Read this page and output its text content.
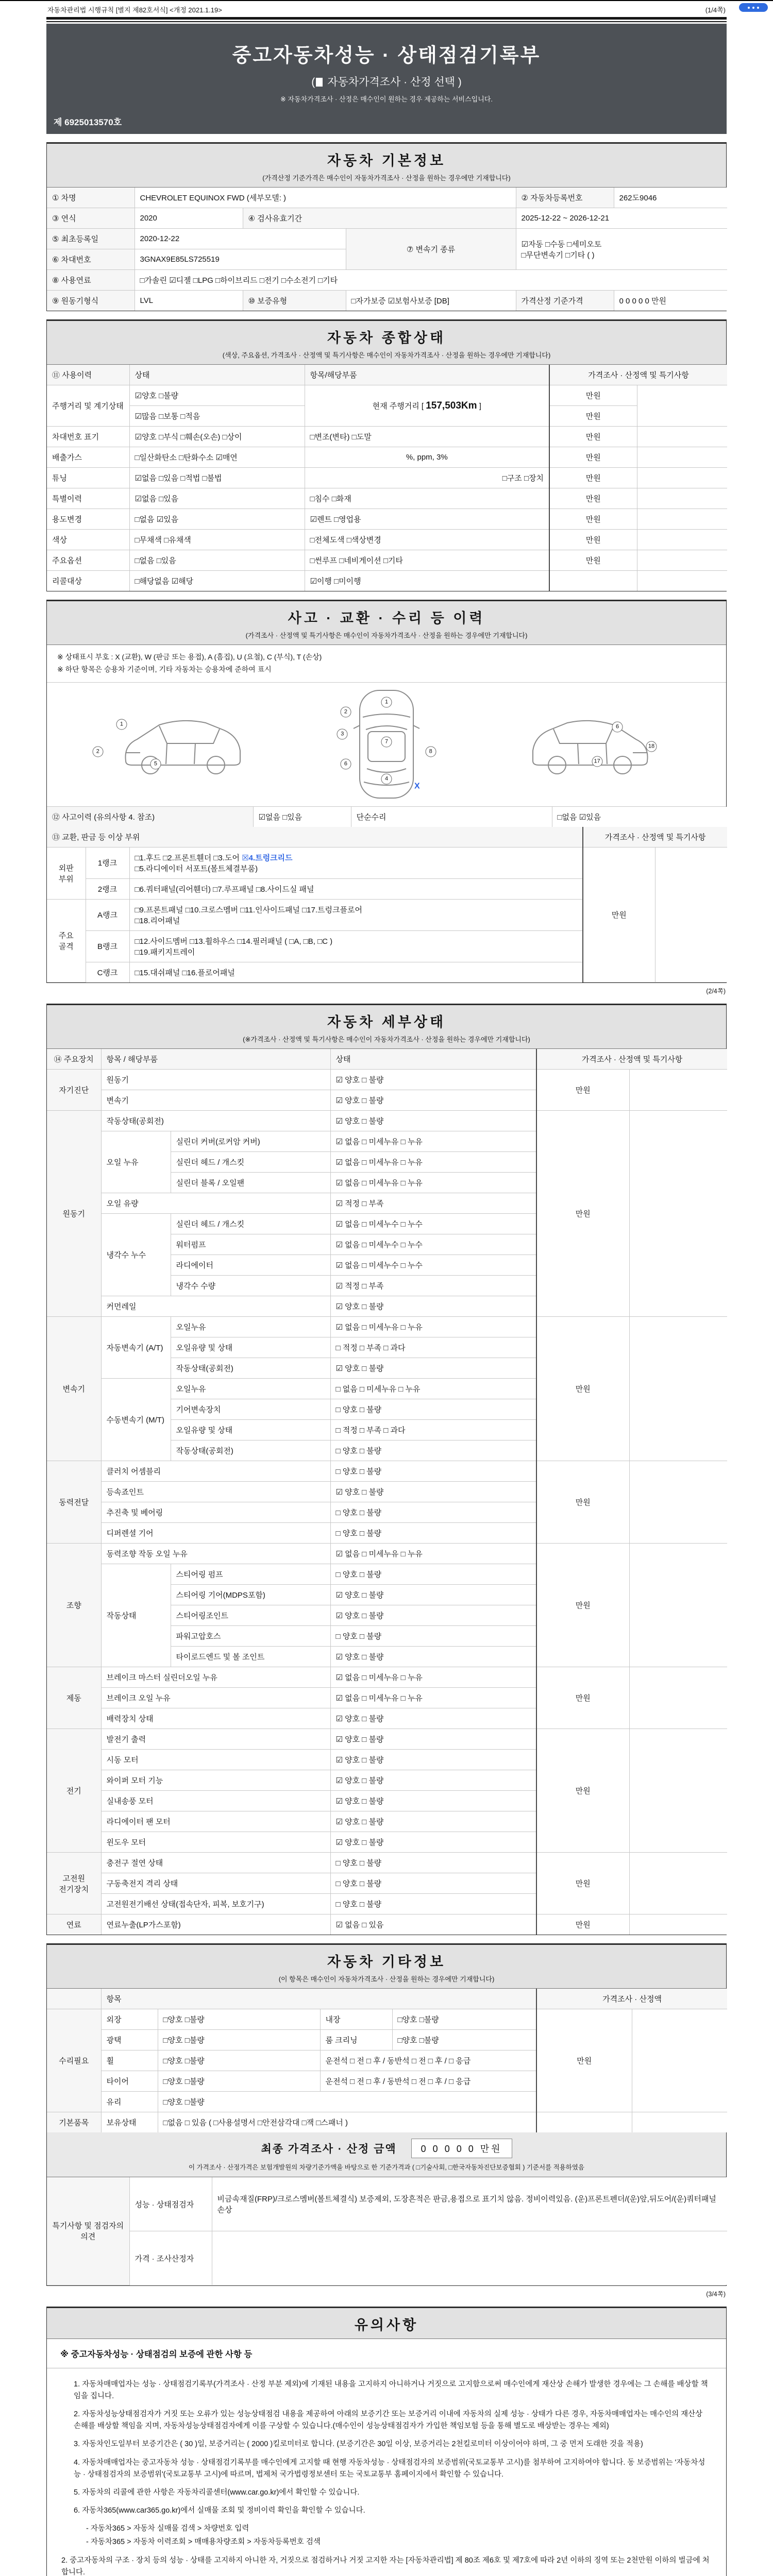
자동차관리법 시행규칙 [별지 제82호서식] <개정 2021.1.19>	(1/4쪽)
중고자동차성능 · 상태점검기록부
( 자동차가격조사 · 산정 선택 )
※ 자동차가격조사 · 산정은 매수인이 원하는 경우 제공하는 서비스입니다.
제 6925013570호
자동차 기본정보
(가격산정 기준가격은 매수인이 자동차가격조사 · 산정을 원하는 경우에만 기재합니다)
① 차명	CHEVROLET EQUINOX FWD (세부모델: )			② 자동차등록번호	262도9046
③ 연식	2020	④ 검사유효기간		2025-12-22 ~ 2026-12-21	
⑤ 최초등록일	2020-12-22		⑦ 변속기 종류	☑자동 □수동 □세미오토
□무단변속기 □기타 ( )	
⑥ 차대번호	3GNAX9E85LS725519				
⑧ 사용연료	□가솔린 ☑디젤 □LPG □하이브리드 □전기 □수소전기 □기타				
⑨ 원동기형식	LVL	⑩ 보증유형	□자가보증 ☑보험사보증 [DB]	가격산정 기준가격	0 0 0 0 0 만원
자동차 종합상태
(색상, 주요옵션, 가격조사 · 산정액 및 특기사항은 매수인이 자동차가격조사 · 산정을 원하는 경우에만 기재합니다)
⑪ 사용이력	상태	항목/해당부품	가격조사 · 산정액 및 특기사항	
주행거리 및 계기상태	☑양호 □불량	현재 주행거리 [ 157,503Km ]	만원	
	☑많음 □보통 □적음		만원	
차대번호 표기	☑양호 □부식 □훼손(오손) □상이	□변조(변타) □도말	만원	
배출가스	□일산화탄소 □탄화수소 ☑매연	%, ppm, 3%	만원	
튜닝	☑없음 □있음 □적법 □불법	□구조 □장치	만원	
특별이력	☑없음 □있음	□침수 □화재	만원	
용도변경	□없음 ☑있음	☑렌트 □영업용	만원	
색상	□무채색 □유채색	□전체도색 □색상변경	만원	
주요옵션	□없음 □있음	□썬루프 □네비게이션 □기타	만원	
리콜대상	□해당없음 ☑해당	☑이행 □미이행		
사고 · 교환 · 수리 등 이력
(가격조사 · 산정액 및 특기사항은 매수인이 자동차가격조사 · 산정을 원하는 경우에만 기재합니다)
※ 상태표시 부호 : X (교환), W (판금 또는 용접), A (흠집), U (요철), C (부식), T (손상)
※ 하단 항목은 승용차 기준이며, 기타 자동차는 승용차에 준하여 표시
1
2
5
1
2
3
7
8
6
4
X
6
18
17
⑫ 사고이력 (유의사항 4. 참조)	☑없음 □있음	단순수리	□없음 ☑있음
⑬ 교환, 판금 등 이상 부위			가격조사 · 산정액 및 특기사항	
외판 부위	1랭크	□1.후드 □2.프론트휀더 □3.도어 ☒4.트렁크리드
□5.라디에이터 서포트(볼트체결부품)	만원	
	2랭크	□6.쿼터패널(리어휀더) □7.루프패널 □8.사이드실 패널		
주요 골격	A랭크	□9.프론트패널 □10.크로스멤버 □11.인사이드패널 □17.트렁크플로어
□18.리어패널		
	B랭크	□12.사이드멤버 □13.휠하우스 □14.필러패널 ( □A, □B, □C )
□19.패키지트레이		
	C랭크	□15.대쉬패널 □16.플로어패널		
(2/4쪽)
자동차 세부상태
(※가격조사 · 산정액 및 특기사항은 매수인이 자동차가격조사 · 산정을 원하는 경우에만 기재합니다)
⑭ 주요장치	항목 / 해당부품		상태	가격조사 · 산정액 및 특기사항	
자기진단	원동기		☑ 양호 □ 불량	만원	
	변속기		☑ 양호 □ 불량		
원동기	작동상태(공회전)		☑ 양호 □ 불량	만원	
	오일 누유	실린더 커버(로커암 커버)	☑ 없음 □ 미세누유 □ 누유		
		실린더 헤드 / 개스킷	☑ 없음 □ 미세누유 □ 누유		
		실린더 블록 / 오일팬	☑ 없음 □ 미세누유 □ 누유		
	오일 유량		☑ 적정 □ 부족		
	냉각수 누수	실린더 헤드 / 개스킷	☑ 없음 □ 미세누수 □ 누수		
		워터펌프	☑ 없음 □ 미세누수 □ 누수		
		라디에이터	☑ 없음 □ 미세누수 □ 누수		
		냉각수 수량	☑ 적정 □ 부족		
	커먼레일		☑ 양호 □ 불량		
변속기	자동변속기 (A/T)	오일누유	☑ 없음 □ 미세누유 □ 누유	만원	
		오일유량 및 상태	□ 적정 □ 부족 □ 과다		
		작동상태(공회전)	☑ 양호 □ 불량		
	수동변속기 (M/T)	오일누유	□ 없음 □ 미세누유 □ 누유		
		기어변속장치	□ 양호 □ 불량		
		오일유량 및 상태	□ 적정 □ 부족 □ 과다		
		작동상태(공회전)	□ 양호 □ 불량		
동력전달	클러치 어셈블리		□ 양호 □ 불량	만원	
	등속죠인트		☑ 양호 □ 불량		
	추진축 및 베어링		□ 양호 □ 불량		
	디퍼렌셜 기어		□ 양호 □ 불량		
조향	동력조향 작동 오일 누유		☑ 없음 □ 미세누유 □ 누유	만원	
	작동상태	스티어링 펌프	□ 양호 □ 불량		
		스티어링 기어(MDPS포함)	☑ 양호 □ 불량		
		스티어링조인트	☑ 양호 □ 불량		
		파워고압호스	□ 양호 □ 불량		
		타이로드엔드 및 볼 조인트	☑ 양호 □ 불량		
제동	브레이크 마스터 실린더오일 누유		☑ 없음 □ 미세누유 □ 누유	만원	
	브레이크 오일 누유		☑ 없음 □ 미세누유 □ 누유		
	배력장치 상태		☑ 양호 □ 불량		
전기	발전기 출력		☑ 양호 □ 불량	만원	
	시동 모터		☑ 양호 □ 불량		
	와이퍼 모터 기능		☑ 양호 □ 불량		
	실내송풍 모터		☑ 양호 □ 불량		
	라디에이터 팬 모터		☑ 양호 □ 불량		
	윈도우 모터		☑ 양호 □ 불량		
고전원 전기장치	충전구 절연 상태		□ 양호 □ 불량	만원	
	구동축전지 격리 상태		□ 양호 □ 불량		
	고전원전기배선 상태(접속단자, 피복, 보호기구)		□ 양호 □ 불량		
연료	연료누출(LP가스포함)		☑ 없음 □ 있음	만원	
자동차 기타정보
(이 항목은 매수인이 자동차가격조사 · 산정을 원하는 경우에만 기재합니다)
	항목				가격조사 · 산정액	
수리필요	외장	□양호 □불량	내장	□양호 □불량	만원	
	광택	□양호 □불량	룸 크리닝	□양호 □불량		
	휠	□양호 □불량	운전석 □ 전 □ 후 / 동반석 □ 전 □ 후 / □ 응급			
	타이어	□양호 □불량	운전석 □ 전 □ 후 / 동반석 □ 전 □ 후 / □ 응급			
	유리	□양호 □불량				
기본품목	보유상태	□없음 □ 있음 ( □사용설명서 □안전삼각대 □잭 □스패너 )				
최종 가격조사 · 산정 금액	0 0 0 0 0 만원
이 가격조사 · 산정가격은 보험개발원의 차량기준가액을 바탕으로 한 기준가격과 ( □기술사회, □한국자동차진단보증협회 ) 기준서를 적용하였음
특기사항 및 점검자의 의견	성능 · 상태점검자	비금속재질(FRP)/크로스멤버(볼트체결식) 보증제외, 도장흔적은 판금,용접으로 표기치 않음. 정비이력있음. (운)프론트펜더/(운)앞,뒤도어/(운)쿼터패널 손상
	가격 · 조사산정자	
(3/4쪽)
유의사항
※ 중고자동차성능 · 상태점검의 보증에 관한 사항 등

1. 자동차매매업자는 성능 · 상태점검기록부(가격조사 · 산정 부분 제외)에 기재된 내용을 고지하지 아니하거나 거짓으로 고지함으로써 매수인에게 재산상 손해가 발생한 경우에는 그 손해를 배상할 책임을 집니다.

2. 자동차성능상태점검자가 거짓 또는 오류가 있는 성능상태점검 내용을 제공하여 아래의 보증기간 또는 보증거리 이내에 자동차의 실제 성능 · 상태가 다른 경우, 자동차매매업자는 매수인의 재산상 손해를 배상할 책임을 지며, 자동차성능상태점검자에게 이를 구상할 수 있습니다.(매수인이 성능상태점검자가 가입한 책임보험 등을 통해 별도로 배상받는 경우는 제외)

3. 자동차인도일부터 보증기간은 ( 30 )일, 보증거리는 ( 2000 )킬로미터로 합니다. (보증기간은 30일 이상, 보증거리는 2천킬로미터 이상이어야 하며, 그 중 먼저 도래한 것을 적용)

4. 자동차매매업자는 중고자동차 성능 · 상태점검기록부를 매수인에게 고지할 때 현행 자동차성능 · 상태점검자의 보증범위(국토교통부 고시)를 첨부하여 고지하여야 합니다. 동 보증범위는 '자동차성능 · 상태점검자의 보증범위'(국토교통부 고시)에 따르며, 법제처 국가법령정보센터 또는 국토교통부 홈페이지에서 확인할 수 있습니다.

5. 자동차의 리콜에 관한 사항은 자동차리콜센터(www.car.go.kr)에서 확인할 수 있습니다.

6. 자동차365(www.car365.go.kr)에서 실매물 조회 및 정비이력 확인을 확인할 수 있습니다.

- 자동차365 > 자동차 실매물 검색 > 차량번호 입력

- 자동차365 > 자동차 이력조회 > 매매용차량조회 > 자동차등록번호 검색

2. 중고자동차의 구조 · 장치 등의 성능 · 상태를 고지하지 아니한 자, 거짓으로 점검하거나 거짓 고지한 자는 [자동차관리법] 제 80조 제6호 및 제7호에 따라 2년 이하의 징역 또는 2천만원 이하의 벌금에 처합니다.
